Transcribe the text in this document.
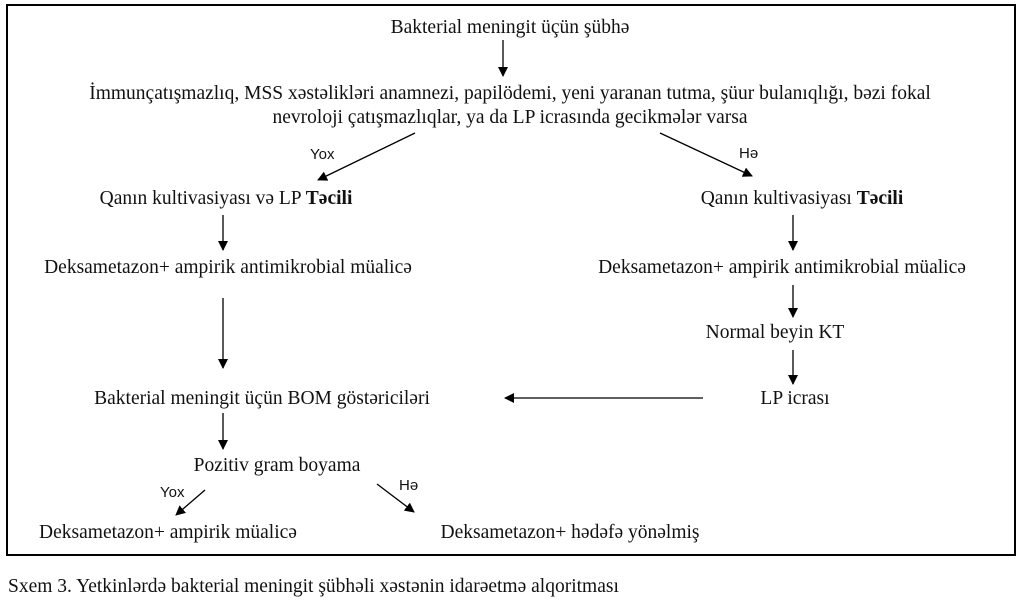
Bakterial meningit üçün şübhə
İmmunçatışmazlıq, MSS xəstəlikləri anamnezi, papilödemi, yeni yaranan tutma, şüur bulanıqlığı, bəzi fokal
nevroloji çatışmazlıqlar, ya da LP icrasında gecikmələr varsa
Yox	Hə
Qanın kultivasiyası və LP Təcili	Qanın kultivasiyası Təcili
Deksametazon+ ampirik antimikrobial müalicə	Deksametazon+ ampirik antimikrobial müalicə
Normal beyin KT
LP icrası
Bakterial meningit üçün BOM göstəriciləri
Pozitiv gram boyama
Yox	Hə
Deksametazon+ ampirik müalicə	Deksametazon+ hədəfə yönəlmiş
Sxem 3. Yetkinlərdə bakterial meningit şübhəli xəstənin idarəetmə alqoritması
